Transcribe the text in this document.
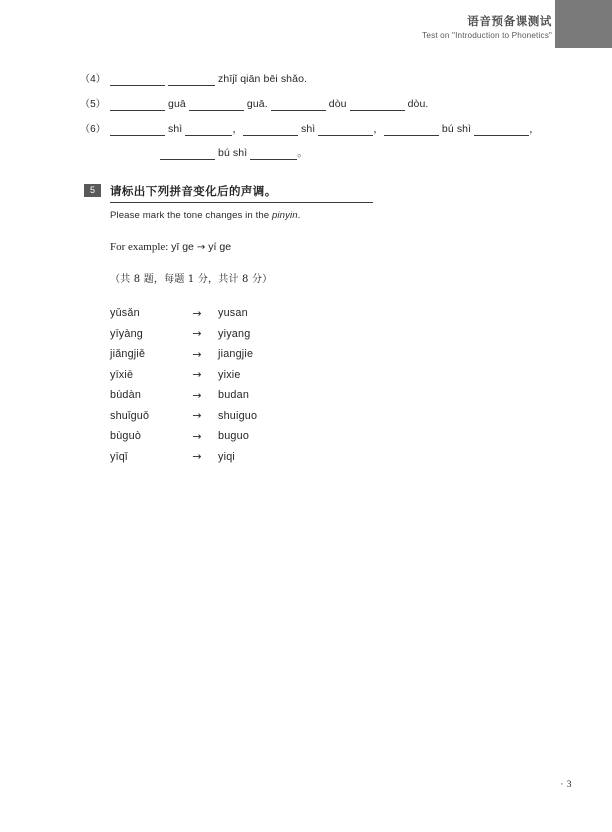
语音预备课测试
Test on "Introduction to Phonetics"
（4）	zhījǐ qiān bēi shǎo.
（5）	guā	guā.	dòu	dòu.
（6）	shì	，	shì	，	bú shì	，
bú shì	。
5	请标出下列拼音变化后的声调。
Please mark the tone changes in the pinyin.
For example: yī ge → yí ge
（共 8 题，每题 1 分，共计 8 分）
yǔsǎn	→	yusan
yīyàng	→	yiyang
jiǎngjiě	→	jiangjie
yīxiē	→	yixie
bùdàn	→	budan
shuǐguǒ	→	shuiguo
bùguò	→	buguo
yīqǐ	→	yiqi
· 3
